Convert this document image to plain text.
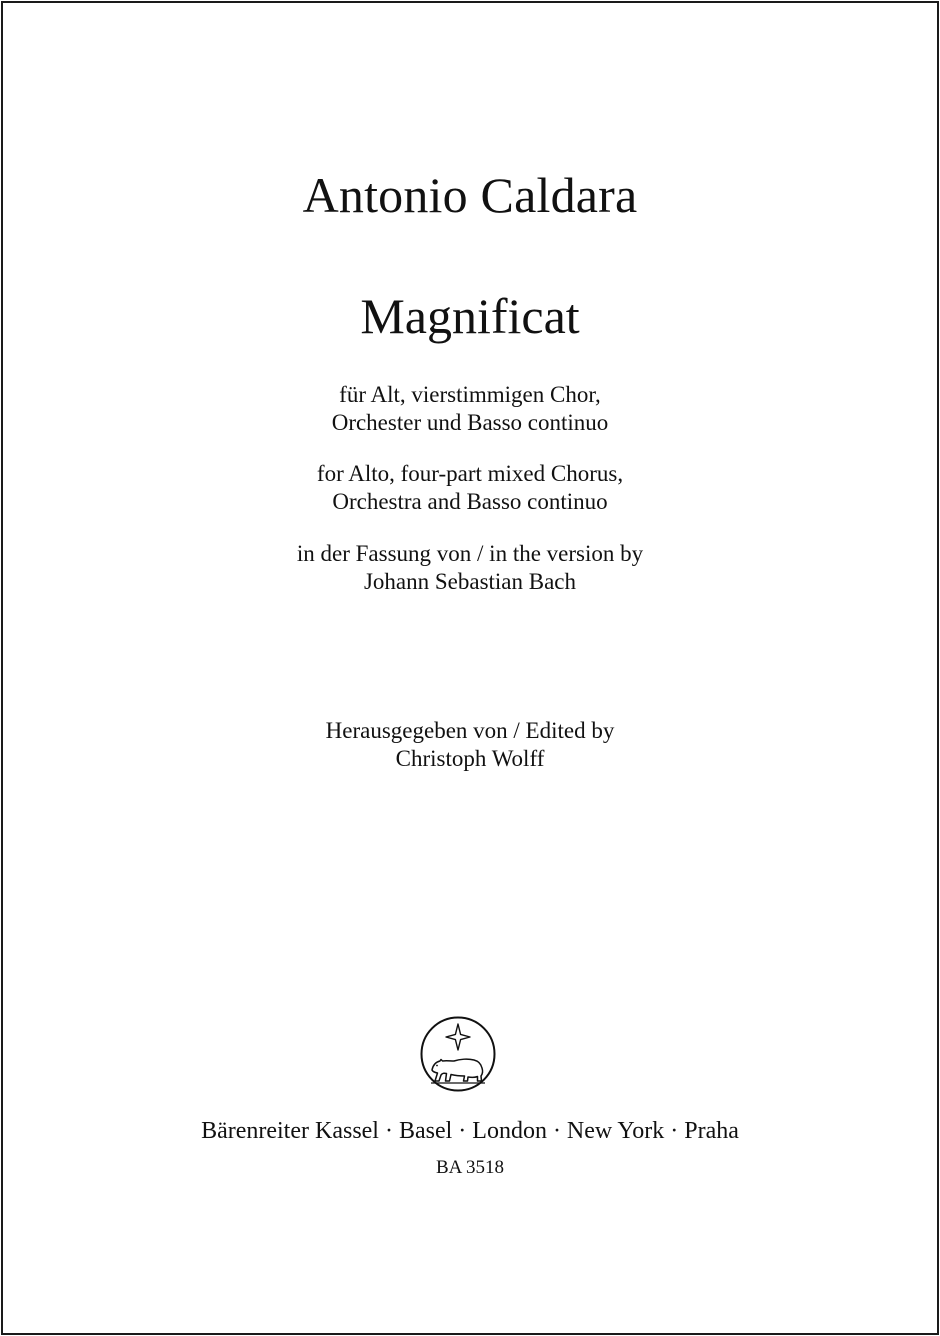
Antonio Caldara
Magnificat
für Alt, vierstimmigen Chor,
Orchester und Basso continuo
for Alto, four-part mixed Chorus,
Orchestra and Basso continuo
in der Fassung von / in the version by
Johann Sebastian Bach
Herausgegeben von / Edited by
Christoph Wolff
Bärenreiter Kassel · Basel · London · New York · Praha
BA 3518
